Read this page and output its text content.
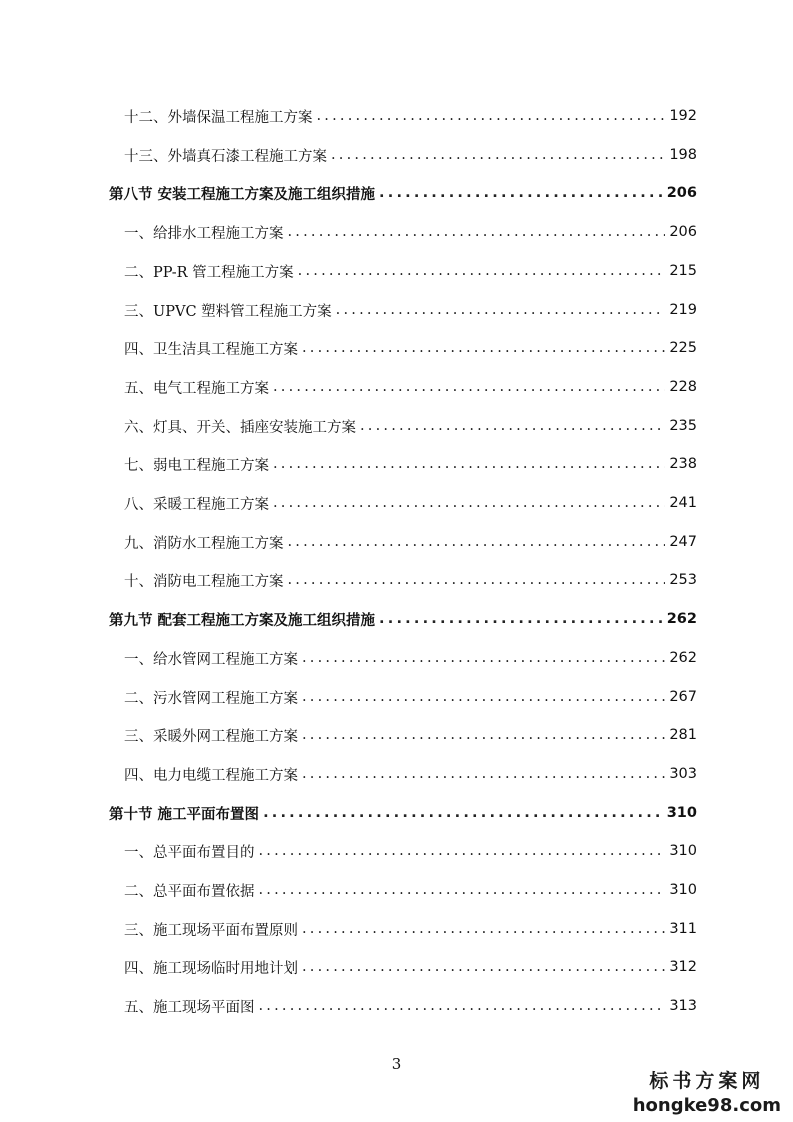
十二、外墙保温工程施工方案 .....	192
十三、外墙真石漆工程施工方案 .....	198
第八节 安装工程施工方案及施工组织措施 .....	206
一、给排水工程施工方案 .....	206
二、PP-R 管工程施工方案 .....	215
三、UPVC 塑料管工程施工方案 .....	219
四、卫生洁具工程施工方案 .....	225
五、电气工程施工方案 .....	228
六、灯具、开关、插座安装施工方案 .....	235
七、弱电工程施工方案 .....	238
八、采暖工程施工方案 .....	241
九、消防水工程施工方案 .....	247
十、消防电工程施工方案 .....	253
第九节 配套工程施工方案及施工组织措施 .....	262
一、给水管网工程施工方案 .....	262
二、污水管网工程施工方案 .....	267
三、采暖外网工程施工方案 .....	281
四、电力电缆工程施工方案 .....	303
第十节 施工平面布置图 .....	310
一、总平面布置目的 .....	310
二、总平面布置依据 .....	310
三、施工现场平面布置原则 .....	311
四、施工现场临时用地计划 .....	312
五、施工现场平面图 .....	313
3
标书方案网
hongke98.com
